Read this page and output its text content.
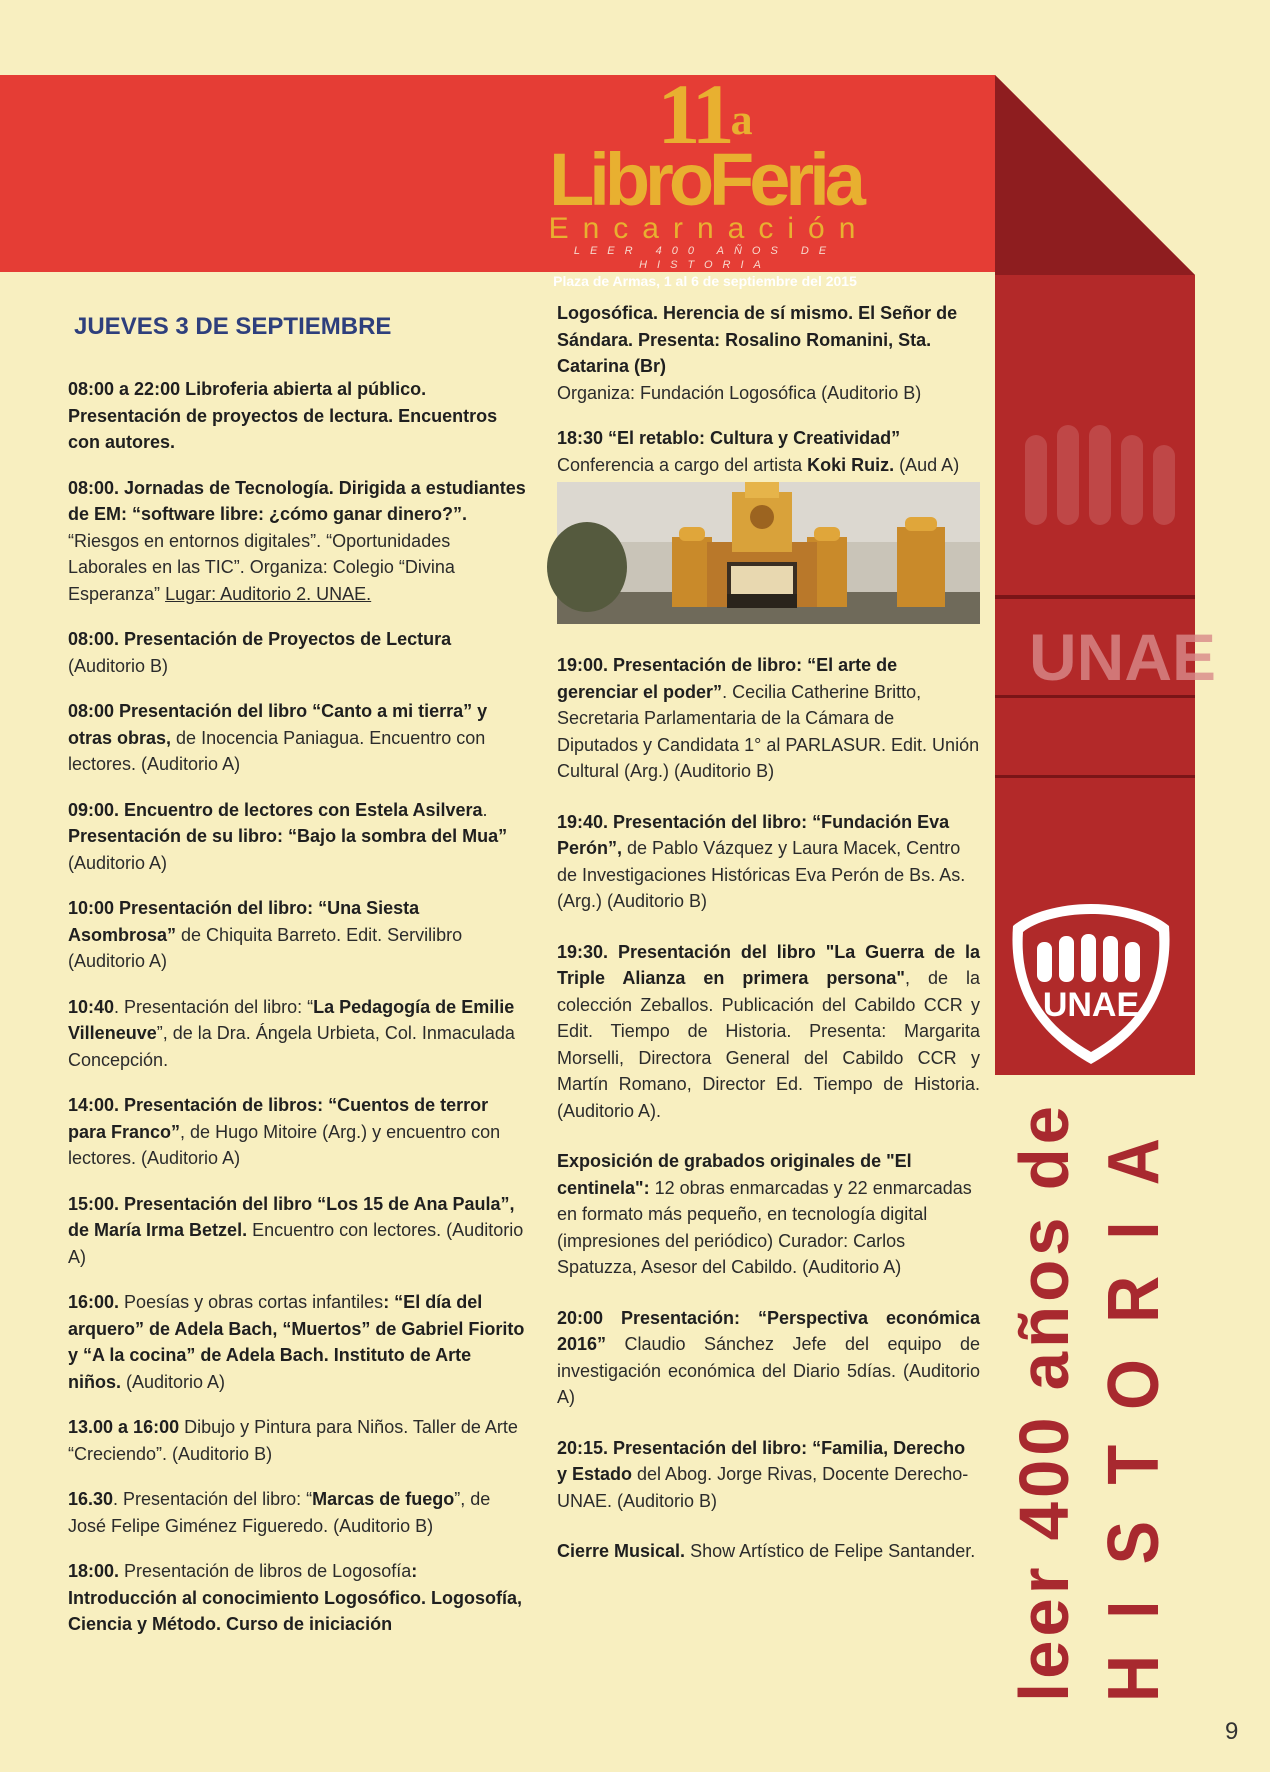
UNAE
UNAE
11$^a$
LibroFeria
Encarnación
LEER 400 AÑOS DE HISTORIA
Plaza de Armas, 1 al 6 de septiembre del 2015
JUEVES 3 DE SEPTIEMBRE
08:00 a 22:00 Libroferia abierta al público. Presentación de proyectos de lectura. Encuentros con autores.
08:00. Jornadas de Tecnología. Dirigida a estudiantes de EM: “software libre: ¿cómo ganar dinero?”. “Riesgos en entornos digitales”. “Oportunidades Laborales en las TIC”. Organiza: Colegio “Divina Esperanza” Lugar: Auditorio 2. UNAE.
08:00. Presentación de Proyectos de Lectura
(Auditorio B)
08:00 Presentación del libro “Canto a mi tierra” y otras obras, de Inocencia Paniagua. Encuentro con lectores. (Auditorio A)
09:00. Encuentro de lectores con Estela Asilvera. Presentación de su libro: “Bajo la sombra del Mua” (Auditorio A)
10:00 Presentación del libro: “Una Siesta Asombrosa” de Chiquita Barreto. Edit. Servilibro (Auditorio A)
10:40. Presentación del libro: “La Pedagogía de Emilie Villeneuve”, de la Dra. Ángela Urbieta, Col. Inmaculada Concepción.
14:00. Presentación de libros: “Cuentos de terror para Franco”, de Hugo Mitoire (Arg.) y encuentro con lectores. (Auditorio A)
15:00. Presentación del libro “Los 15 de Ana Paula”, de María Irma Betzel. Encuentro con lectores. (Auditorio A)
16:00. Poesías y obras cortas infantiles: “El día del arquero” de Adela Bach, “Muertos” de Gabriel Fiorito y “A la cocina” de Adela Bach. Instituto de Arte niños. (Auditorio A)
13.00 a 16:00 Dibujo y Pintura para Niños. Taller de Arte “Creciendo”. (Auditorio B)
16.30. Presentación del libro: “Marcas de fuego”, de José Felipe Giménez Figueredo. (Auditorio B)
18:00. Presentación de libros de Logosofía: Introducción al conocimiento Logosófico. Logosofía, Ciencia y Método. Curso de iniciación
Logosófica. Herencia de sí mismo. El Señor de Sándara. Presenta: Rosalino Romanini, Sta. Catarina (Br)
Organiza: Fundación Logosófica (Auditorio B)
18:30 “El retablo: Cultura y Creatividad”
Conferencia a cargo del artista Koki Ruiz. (Aud A)
19:00. Presentación de libro: “El arte de gerenciar el poder”. Cecilia Catherine Britto, Secretaria Parlamentaria de la Cámara de Diputados y Candidata 1° al PARLASUR. Edit. Unión Cultural (Arg.) (Auditorio B)
19:40. Presentación del libro: “Fundación Eva Perón”, de Pablo Vázquez y Laura Macek, Centro de Investigaciones Históricas Eva Perón de Bs. As. (Arg.) (Auditorio B)
19:30. Presentación del libro "La Guerra de la Triple Alianza en primera persona", de la colección Zeballos. Publicación del Cabildo CCR y Edit. Tiempo de Historia. Presenta: Margarita Morselli, Directora General del Cabildo CCR y Martín Romano, Director Ed. Tiempo de Historia. (Auditorio A).
Exposición de grabados originales de "El centinela": 12 obras enmarcadas y 22 enmarcadas en formato más pequeño, en tecnología digital (impresiones del periódico) Curador: Carlos Spatuzza, Asesor del Cabildo. (Auditorio A)
20:00 Presentación: “Perspectiva económica 2016” Claudio Sánchez Jefe del equipo de investigación económica del Diario 5días. (Auditorio A)
20:15. Presentación del libro: “Familia, Derecho y Estado del Abog. Jorge Rivas, Docente Derecho-UNAE. (Auditorio B)
Cierre Musical. Show Artístico de Felipe Santander. leer 400 años de HISTORIA
9
